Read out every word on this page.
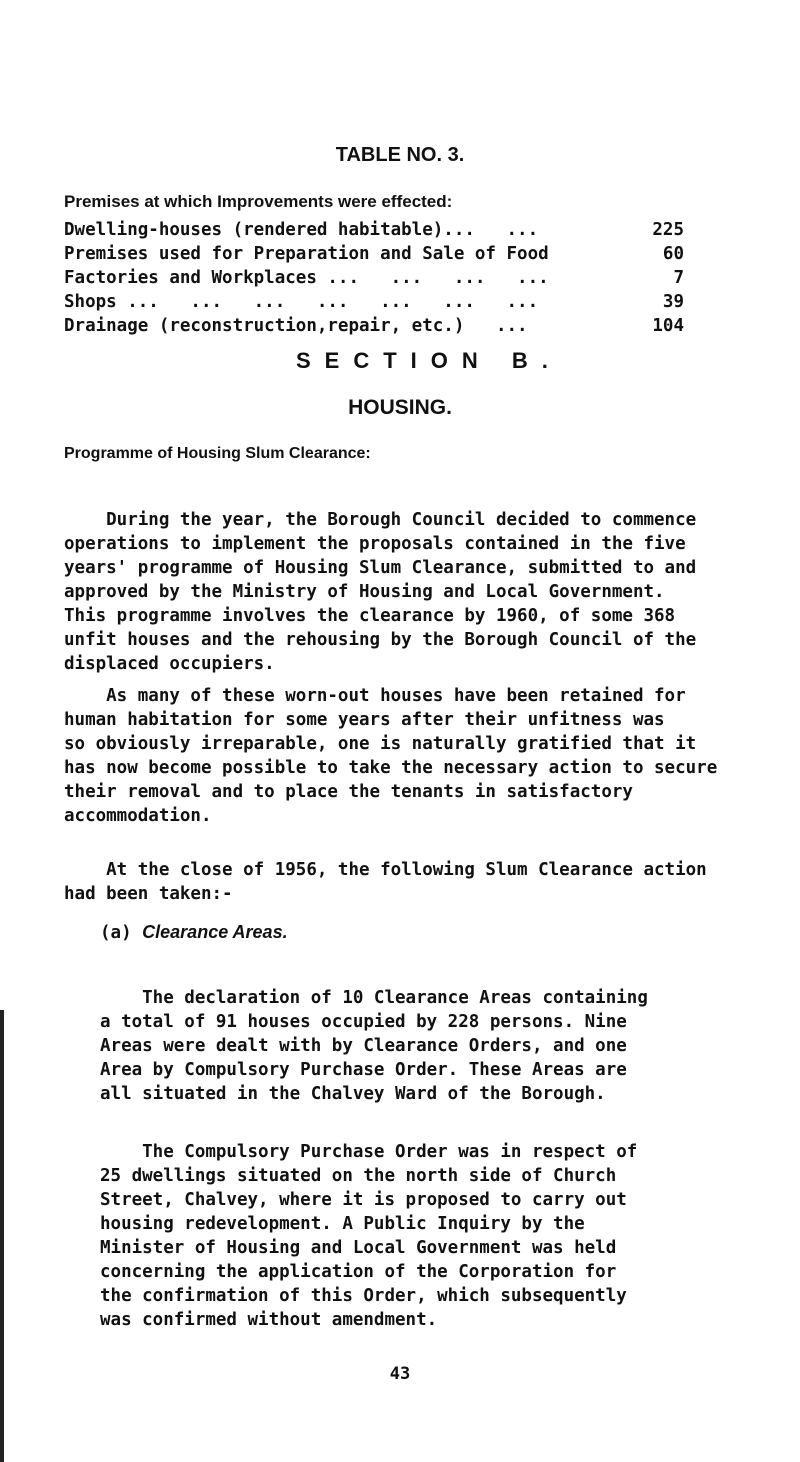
TABLE NO. 3.
Premises at which Improvements were effected:
Dwelling-houses (rendered habitable)...   ...	225
Premises used for Preparation and Sale of Food	60
Factories and Workplaces ...   ...   ...   ...	7
Shops ...   ...   ...   ...   ...   ...   ...	39
Drainage (reconstruction,repair, etc.)   ...	104
SECTION B.
HOUSING.
Programme of Housing Slum Clearance:
During the year, the Borough Council decided to commence
operations to implement the proposals contained in the five
years' programme of Housing Slum Clearance, submitted to and
approved by the Ministry of Housing and Local Government.
This programme involves the clearance by 1960, of some 368
unfit houses and the rehousing by the Borough Council of the
displaced occupiers.
As many of these worn-out houses have been retained for
human habitation for some years after their unfitness was
so obviously irreparable, one is naturally gratified that it
has now become possible to take the necessary action to secure
their removal and to place the tenants in satisfactory
accommodation.
At the close of 1956, the following Slum Clearance action
had been taken:-
(a) Clearance Areas.
The declaration of 10 Clearance Areas containing
a total of 91 houses occupied by 228 persons. Nine
Areas were dealt with by Clearance Orders, and one
Area by Compulsory Purchase Order. These Areas are
all situated in the Chalvey Ward of the Borough.
The Compulsory Purchase Order was in respect of
25 dwellings situated on the north side of Church
Street, Chalvey, where it is proposed to carry out
housing redevelopment. A Public Inquiry by the
Minister of Housing and Local Government was held
concerning the application of the Corporation for
the confirmation of this Order, which subsequently
was confirmed without amendment.
43
